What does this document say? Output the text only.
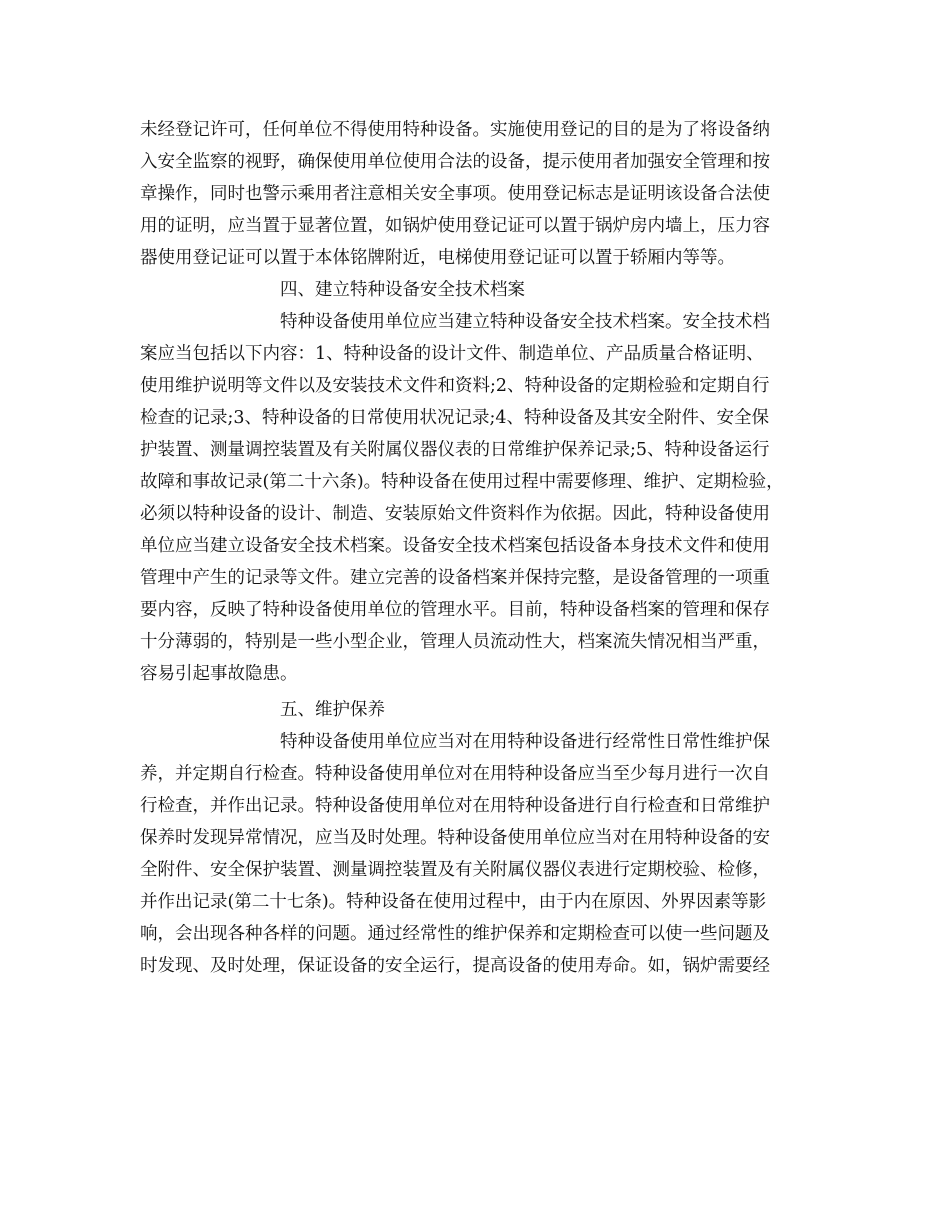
未经登记许可，任何单位不得使用特种设备。实施使用登记的目的是为了将设备纳
入安全监察的视野，确保使用单位使用合法的设备，提示使用者加强安全管理和按
章操作，同时也警示乘用者注意相关安全事项。使用登记标志是证明该设备合法使
用的证明，应当置于显著位置，如锅炉使用登记证可以置于锅炉房内墙上，压力容
器使用登记证可以置于本体铭牌附近，电梯使用登记证可以置于轿厢内等等。
四、建立特种设备安全技术档案
特种设备使用单位应当建立特种设备安全技术档案。安全技术档
案应当包括以下内容：1、特种设备的设计文件、制造单位、产品质量合格证明、
使用维护说明等文件以及安装技术文件和资料;2、特种设备的定期检验和定期自行
检查的记录;3、特种设备的日常使用状况记录;4、特种设备及其安全附件、安全保
护装置、测量调控装置及有关附属仪器仪表的日常维护保养记录;5、特种设备运行
故障和事故记录(第二十六条)。特种设备在使用过程中需要修理、维护、定期检验，
必须以特种设备的设计、制造、安装原始文件资料作为依据。因此，特种设备使用
单位应当建立设备安全技术档案。设备安全技术档案包括设备本身技术文件和使用
管理中产生的记录等文件。建立完善的设备档案并保持完整，是设备管理的一项重
要内容，反映了特种设备使用单位的管理水平。目前，特种设备档案的管理和保存
十分薄弱的，特别是一些小型企业，管理人员流动性大，档案流失情况相当严重，
容易引起事故隐患。
五、维护保养
特种设备使用单位应当对在用特种设备进行经常性日常性维护保
养，并定期自行检查。特种设备使用单位对在用特种设备应当至少每月进行一次自
行检查，并作出记录。特种设备使用单位对在用特种设备进行自行检查和日常维护
保养时发现异常情况，应当及时处理。特种设备使用单位应当对在用特种设备的安
全附件、安全保护装置、测量调控装置及有关附属仪器仪表进行定期校验、检修，
并作出记录(第二十七条)。特种设备在使用过程中，由于内在原因、外界因素等影
响，会出现各种各样的问题。通过经常性的维护保养和定期检查可以使一些问题及
时发现、及时处理，保证设备的安全运行，提高设备的使用寿命。如，锅炉需要经
